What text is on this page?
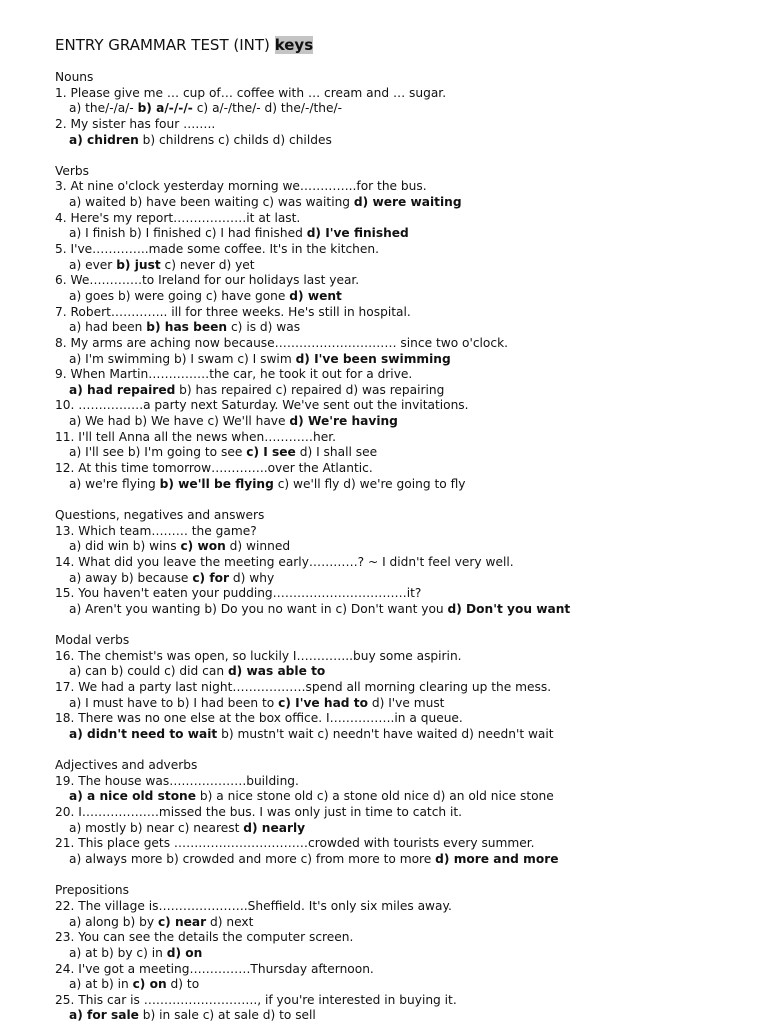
ENTRY GRAMMAR TEST (INT) keys
Nouns
1. Please give me … cup of… coffee with … cream and … sugar.
a) the/-/a/- b) a/-/-/- c) a/-/the/- d) the/-/the/-
2. My sister has four ……..
a) chidren b) childrens c) childs d) childes
Verbs
3. At nine o'clock yesterday morning we…………..for the bus.
a) waited b) have been waiting c) was waiting d) were waiting
4. Here's my report………………it at last.
a) I finish b) I finished c) I had finished d) I've finished
5. I've…………..made some coffee. It's in the kitchen.
a) ever b) just c) never d) yet
6. We………….to Ireland for our holidays last year.
a) goes b) were going c) have gone d) went
7. Robert………….. ill for three weeks. He's still in hospital.
a) had been b) has been c) is d) was
8. My arms are aching now because………………………… since two o'clock.
a) I'm swimming b) I swam c) I swim d) I've been swimming
9. When Martin……………the car, he took it out for a drive.
a) had repaired b) has repaired c) repaired d) was repairing
10. …………….a party next Saturday. We've sent out the invitations.
a) We had b) We have c) We'll have d) We're having
11. I'll tell Anna all the news when…………her.
a) I'll see b) I'm going to see c) I see d) I shall see
12. At this time tomorrow…………..over the Atlantic.
a) we're flying b) we'll be flying c) we'll fly d) we're going to fly
Questions, negatives and answers
13. Which team……… the game?
a) did win b) wins c) won d) winned
14. What did you leave the meeting early…………? ~ I didn't feel very well.
a) away b) because c) for d) why
15. You haven't eaten your pudding……………………………it?
a) Aren't you wanting b) Do you no want in c) Don't want you d) Don't you want
Modal verbs
16. The chemist's was open, so luckily I…………..buy some aspirin.
a) can b) could c) did can d) was able to
17. We had a party last night………………spend all morning clearing up the mess.
a) I must have to b) I had been to c) I've had to d) I've must
18. There was no one else at the box office. I…………….in a queue.
a) didn't need to wait b) mustn't wait c) needn't have waited d) needn't wait
Adjectives and adverbs
19. The house was……………….building.
a) a nice old stone b) a nice stone old c) a stone old nice d) an old nice stone
20. I……………….missed the bus. I was only just in time to catch it.
a) mostly b) near c) nearest d) nearly
21. This place gets ……………………………crowded with tourists every summer.
a) always more b) crowded and more c) from more to more d) more and more
Prepositions
22. The village is………………….Sheffield. It's only six miles away.
a) along b) by c) near d) next
23. You can see the details the computer screen.
a) at b) by c) in d) on
24. I've got a meeting……………Thursday afternoon.
a) at b) in c) on d) to
25. This car is ………………………., if you're interested in buying it.
a) for sale b) in sale c) at sale d) to sell
